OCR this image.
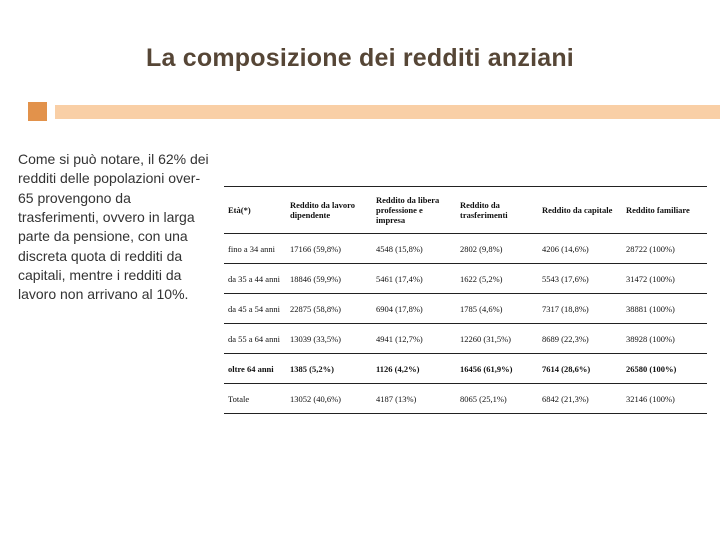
La composizione dei redditi anziani
Come si può notare, il 62% dei redditi delle popolazioni over-65 provengono da trasferimenti, ovvero in larga parte da pensione, con una discreta quota di redditi da capitali, mentre i redditi da lavoro non arrivano al 10%.
Età(*)	Reddito da lavoro dipendente	Reddito da libera professione e impresa	Reddito da trasferimenti	Reddito da capitale	Reddito familiare
fino a 34 anni	17166 (59,8%)	4548 (15,8%)	2802 (9,8%)	4206 (14,6%)	28722 (100%)
da 35 a 44 anni	18846 (59,9%)	5461 (17,4%)	1622 (5,2%)	5543 (17,6%)	31472 (100%)
da 45 a 54 anni	22875 (58,8%)	6904 (17,8%)	1785 (4,6%)	7317 (18,8%)	38881 (100%)
da 55 a 64 anni	13039 (33,5%)	4941 (12,7%)	12260 (31,5%)	8689 (22,3%)	38928 (100%)
oltre 64 anni	1385 (5,2%)	1126 (4,2%)	16456 (61,9%)	7614 (28,6%)	26580 (100%)
Totale	13052 (40,6%)	4187 (13%)	8065 (25,1%)	6842 (21,3%)	32146 (100%)
